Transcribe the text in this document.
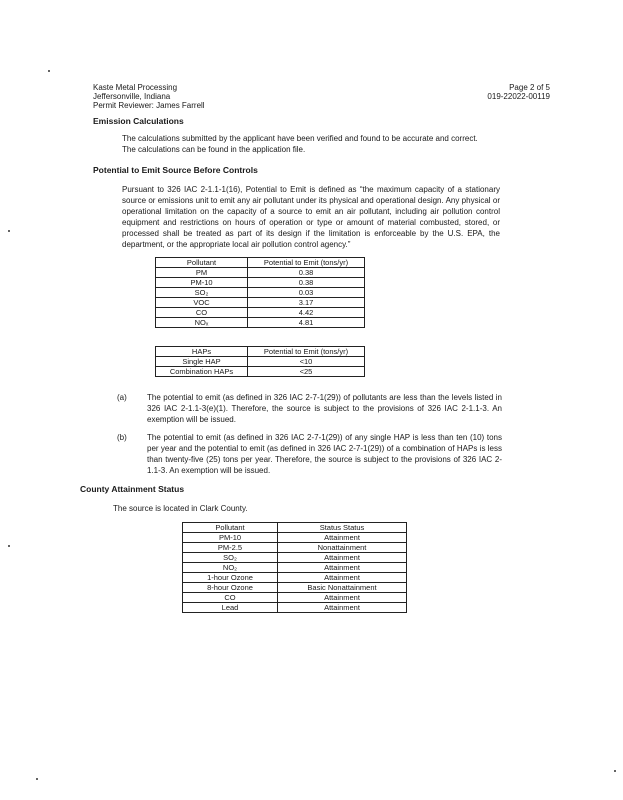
Kaste Metal Processing
Jeffersonville, Indiana
Permit Reviewer: James Farrell
Page 2 of 5
019-22022-00119
Emission Calculations
The calculations submitted by the applicant have been verified and found to be accurate and correct. The calculations can be found in the application file.
Potential to Emit Source Before Controls
Pursuant to 326 IAC 2-1.1-1(16), Potential to Emit is defined as “the maximum capacity of a stationary source or emissions unit to emit any air pollutant under its physical and operational design. Any physical or operational limitation on the capacity of a source to emit an air pollutant, including air pollution control equipment and restrictions on hours of operation or type or amount of material combusted, stored, or processed shall be treated as part of its design if the limitation is enforceable by the U.S. EPA, the department, or the appropriate local air pollution control agency.”
Pollutant	Potential to Emit (tons/yr)
PM	0.38
PM-10	0.38
SO₂	0.03
VOC	3.17
CO	4.42
NOₓ	4.81
HAPs	Potential to Emit (tons/yr)
Single HAP	<10
Combination HAPs	<25
(a)	The potential to emit (as defined in 326 IAC 2-7-1(29)) of pollutants are less than the levels listed in 326 IAC 2-1.1-3(e)(1). Therefore, the source is subject to the provisions of 326 IAC 2-1.1-3. An exemption will be issued.
(b)	The potential to emit (as defined in 326 IAC 2-7-1(29)) of any single HAP is less than ten (10) tons per year and the potential to emit (as defined in 326 IAC 2-7-1(29)) of a combination of HAPs is less than twenty-five (25) tons per year. Therefore, the source is subject to the provisions of 326 IAC 2-1.1-3. An exemption will be issued.
County Attainment Status
The source is located in Clark County.
Pollutant	Status Status
PM-10	Attainment
PM-2.5	Nonattainment
SO₂	Attainment
NO₂	Attainment
1-hour Ozone	Attainment
8-hour Ozone	Basic Nonattainment
CO	Attainment
Lead	Attainment
